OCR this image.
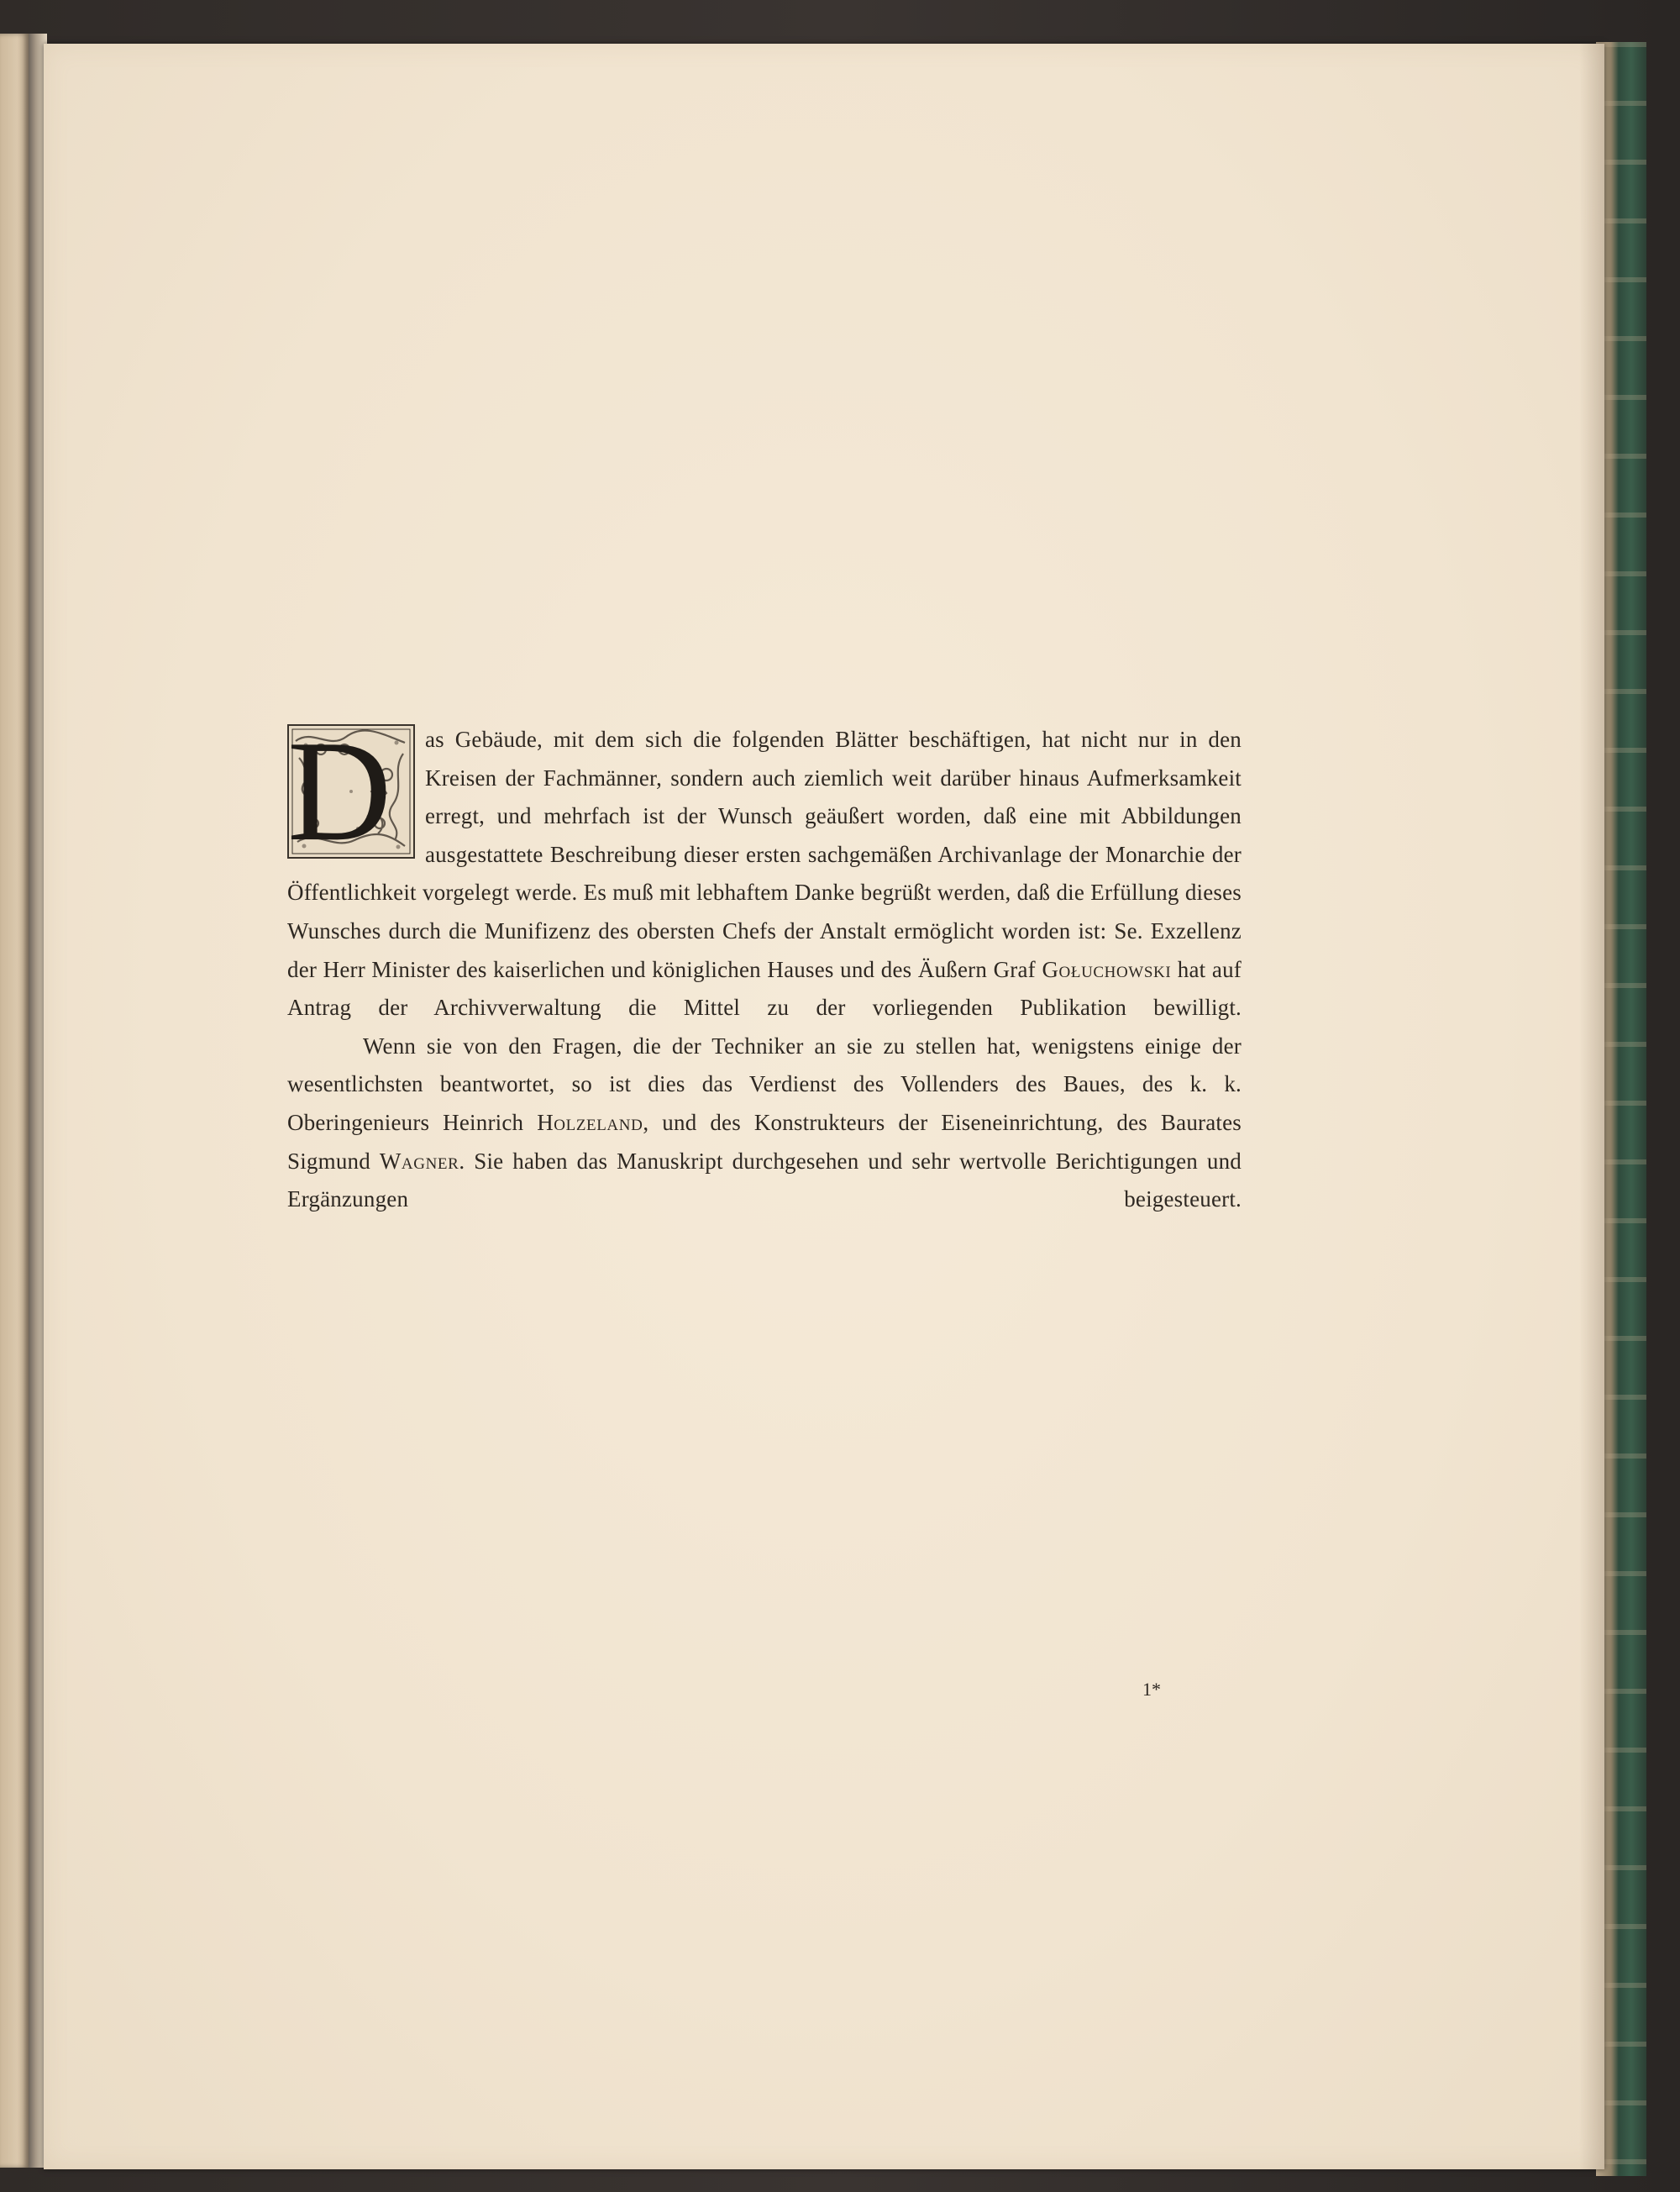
D	as Gebäude, mit dem sich die folgenden Blätter beschäftigen, hat nicht nur in den Kreisen der Fachmänner, sondern auch ziemlich weit darüber hinaus Aufmerksamkeit erregt, und mehrfach ist der Wunsch geäußert worden, daß eine mit Abbildungen ausgestattete Beschreibung dieser ersten sachgemäßen Archivanlage der Monarchie der Öffentlichkeit vorgelegt werde. Es muß mit lebhaftem Danke begrüßt werden, daß die Erfüllung dieses Wunsches durch die Munifizenz des obersten Chefs der Anstalt ermöglicht worden ist: Se. Exzellenz der Herr Minister des kaiserlichen und königlichen Hauses und des Äußern Graf Gołuchowski hat auf Antrag der Archivverwaltung die Mittel zu der vorliegenden Publikation bewilligt.

Wenn sie von den Fragen, die der Techniker an sie zu stellen hat, wenigstens einige der wesentlichsten beantwortet, so ist dies das Verdienst des Vollenders des Baues, des k. k. Oberingenieurs Heinrich Holzeland, und des Konstrukteurs der Eiseneinrichtung, des Baurates Sigmund Wagner. Sie haben das Manuskript durchgesehen und sehr wertvolle Berichtigungen und Ergänzungen beigesteuert.

1*
